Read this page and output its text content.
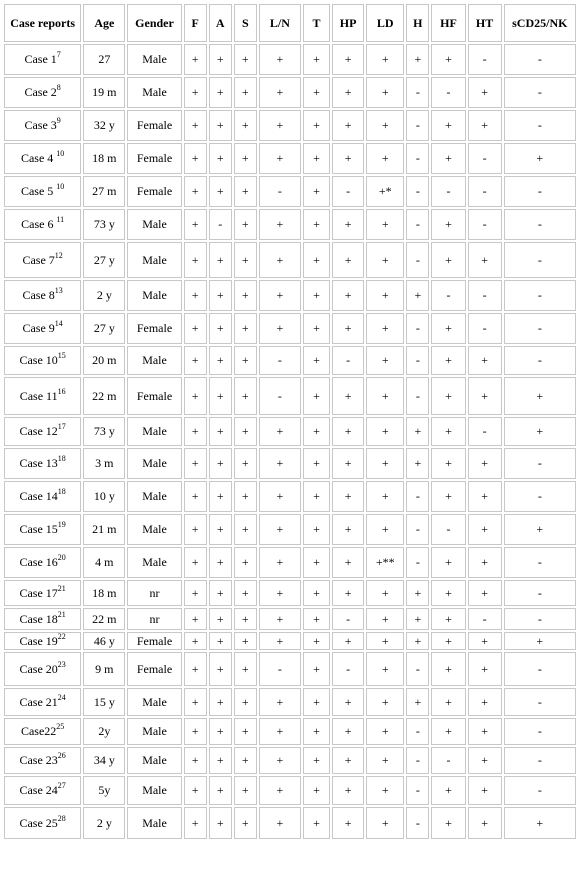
Case reports	Age	Gender	F	A	S	L/N	T	HP	LD	H	HF	HT	sCD25/NK
Case $1^7$	27	Male	+	+	+	+	+	+	+	+	+	-	-
Case $2^8$	19 m	Male	+	+	+	+	+	+	+	-	-	+	-
Case $3^9$	32 y	Female	+	+	+	+	+	+	+	-	+	+	-
Case 4 $^{10}$	18 m	Female	+	+	+	+	+	+	+	-	+	-	+
Case 5 $^{10}$	27 m	Female	+	+	+	-	+	-	+*	-	-	-	-
Case 6 $^{11}$	73 y	Male	+	-	+	+	+	+	+	-	+	-	-
Case $7^{12}$	27 y	Male	+	+	+	+	+	+	+	-	+	+	-
Case $8^{13}$	2 y	Male	+	+	+	+	+	+	+	+	-	-	-
Case $9^{14}$	27 y	Female	+	+	+	+	+	+	+	-	+	-	-
Case $10^{15}$	20 m	Male	+	+	+	-	+	-	+	-	+	+	-
Case $11^{16}$	22 m	Female	+	+	+	-	+	+	+	-	+	+	+
Case $12^{17}$	73 y	Male	+	+	+	+	+	+	+	+	+	-	+
Case $13^{18}$	3 m	Male	+	+	+	+	+	+	+	+	+	+	-
Case $14^{18}$	10 y	Male	+	+	+	+	+	+	+	-	+	+	-
Case $15^{19}$	21 m	Male	+	+	+	+	+	+	+	-	-	+	+
Case $16^{20}$	4 m	Male	+	+	+	+	+	+	+**	-	+	+	-
Case $17^{21}$	18 m	nr	+	+	+	+	+	+	+	+	+	+	-
Case $18^{21}$	22 m	nr	+	+	+	+	+	-	+	+	+	-	-
Case $19^{22}$	46 y	Female	+	+	+	+	+	+	+	+	+	+	+
Case $20^{23}$	9 m	Female	+	+	+	-	+	-	+	-	+	+	-
Case $21^{24}$	15 y	Male	+	+	+	+	+	+	+	+	+	+	-
$Case22^{25}$	2y	Male	+	+	+	+	+	+	+	-	+	+	-
Case $23^{26}$	34 y	Male	+	+	+	+	+	+	+	-	-	+	-
Case $24^{27}$	5y	Male	+	+	+	+	+	+	+	-	+	+	-
Case $25^{28}$	2 y	Male	+	+	+	+	+	+	+	-	+	+	+
